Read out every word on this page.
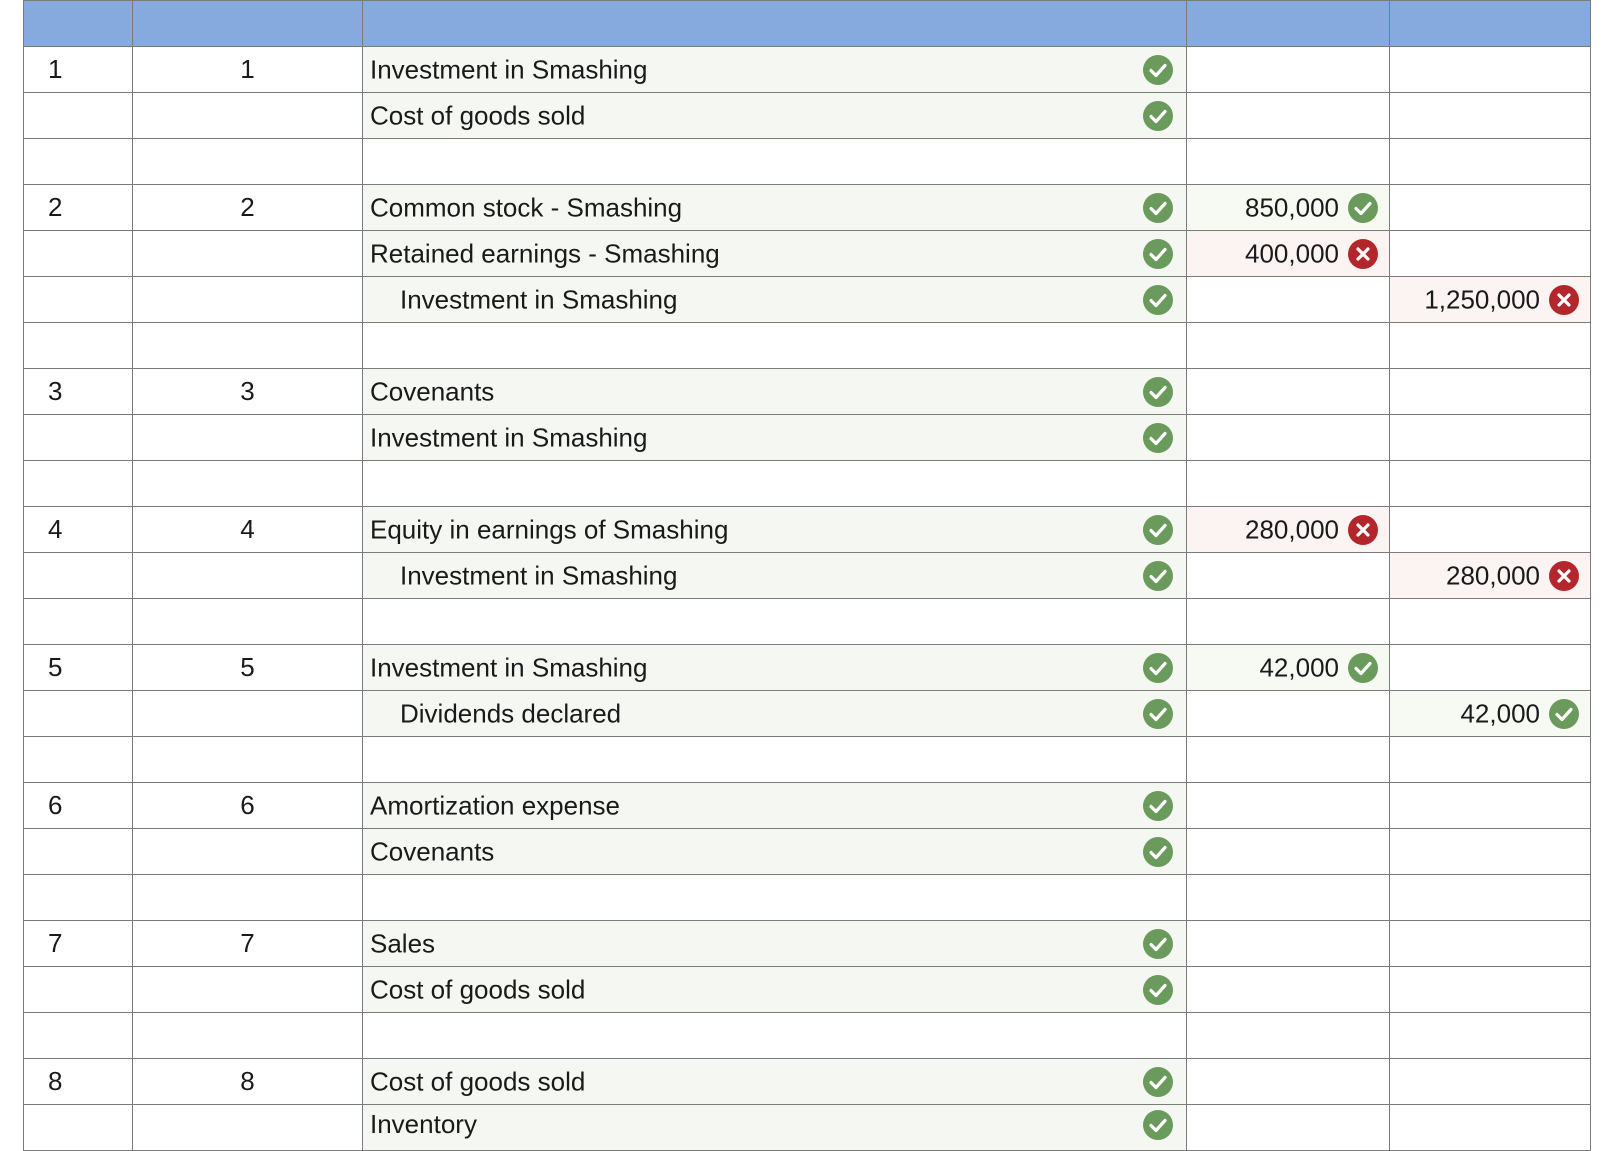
1	1	Investment in Smashing		

		Cost of goods sold		

2	2	Common stock - Smashing	850,000	

		Retained earnings - Smashing	400,000	

		Investment in Smashing		1,250,000

3	3	Covenants		

		Investment in Smashing		

4	4	Equity in earnings of Smashing	280,000	

		Investment in Smashing		280,000

5	5	Investment in Smashing	42,000	

		Dividends declared		42,000

6	6	Amortization expense		

		Covenants		

7	7	Sales		

		Cost of goods sold		

8	8	Cost of goods sold		

		Inventory		
